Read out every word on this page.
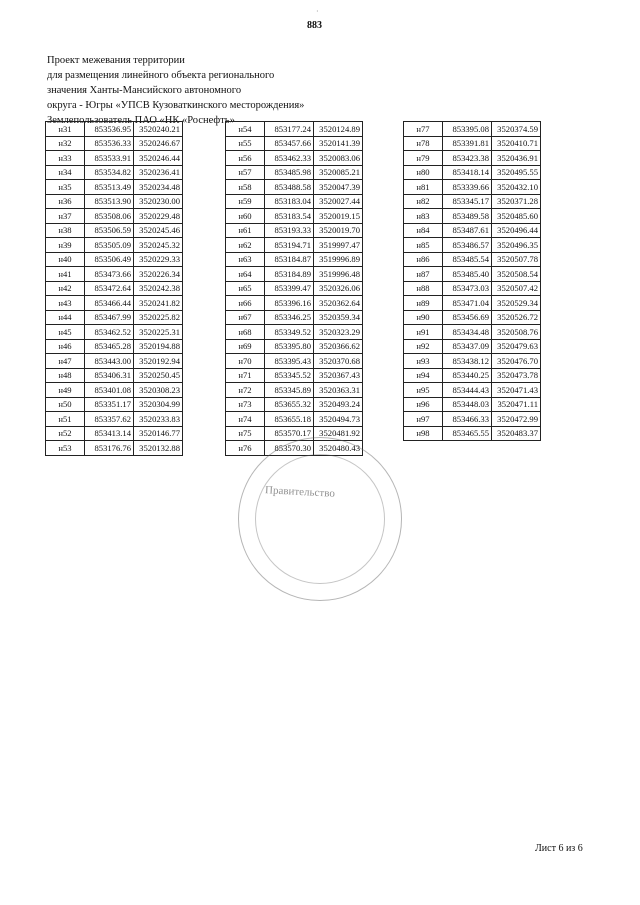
·
883
Проект межевания территории
для размещения линейного объекта регионального
значения Ханты-Мансийского автономного
округа - Югры «УПСВ Кузоваткинского месторождения»
Землепользователь ПАО «НК «Роснефть»
н31	853536.95	3520240.21
н32	853536.33	3520246.67
н33	853533.91	3520246.44
н34	853534.82	3520236.41
н35	853513.49	3520234.48
н36	853513.90	3520230.00
н37	853508.06	3520229.48
н38	853506.59	3520245.46
н39	853505.09	3520245.32
н40	853506.49	3520229.33
н41	853473.66	3520226.34
н42	853472.64	3520242.38
н43	853466.44	3520241.82
н44	853467.99	3520225.82
н45	853462.52	3520225.31
н46	853465.28	3520194.88
н47	853443.00	3520192.94
н48	853406.31	3520250.45
н49	853401.08	3520308.23
н50	853351.17	3520304.99
н51	853357.62	3520233.83
н52	853413.14	3520146.77
н53	853176.76	3520132.88
н54	853177.24	3520124.89
н55	853457.66	3520141.39
н56	853462.33	3520083.06
н57	853485.98	3520085.21
н58	853488.58	3520047.39
н59	853183.04	3520027.44
н60	853183.54	3520019.15
н61	853193.33	3520019.70
н62	853194.71	3519997.47
н63	853184.87	3519996.89
н64	853184.89	3519996.48
н65	853399.47	3520326.06
н66	853396.16	3520362.64
н67	853346.25	3520359.34
н68	853349.52	3520323.29
н69	853395.80	3520366.62
н70	853395.43	3520370.68
н71	853345.52	3520367.43
н72	853345.89	3520363.31
н73	853655.32	3520493.24
н74	853655.18	3520494.73
н75	853570.17	3520481.92
н76	853570.30	3520480.43
н77	853395.08	3520374.59
н78	853391.81	3520410.71
н79	853423.38	3520436.91
н80	853418.14	3520495.55
н81	853339.66	3520432.10
н82	853345.17	3520371.28
н83	853489.58	3520485.60
н84	853487.61	3520496.44
н85	853486.57	3520496.35
н86	853485.54	3520507.78
н87	853485.40	3520508.54
н88	853473.03	3520507.42
н89	853471.04	3520529.34
н90	853456.69	3520526.72
н91	853434.48	3520508.76
н92	853437.09	3520479.63
н93	853438.12	3520476.70
н94	853440.25	3520473.78
н95	853444.43	3520471.43
н96	853448.03	3520471.11
н97	853466.33	3520472.99
н98	853465.55	3520483.37
Правительство
Лист 6 из 6
